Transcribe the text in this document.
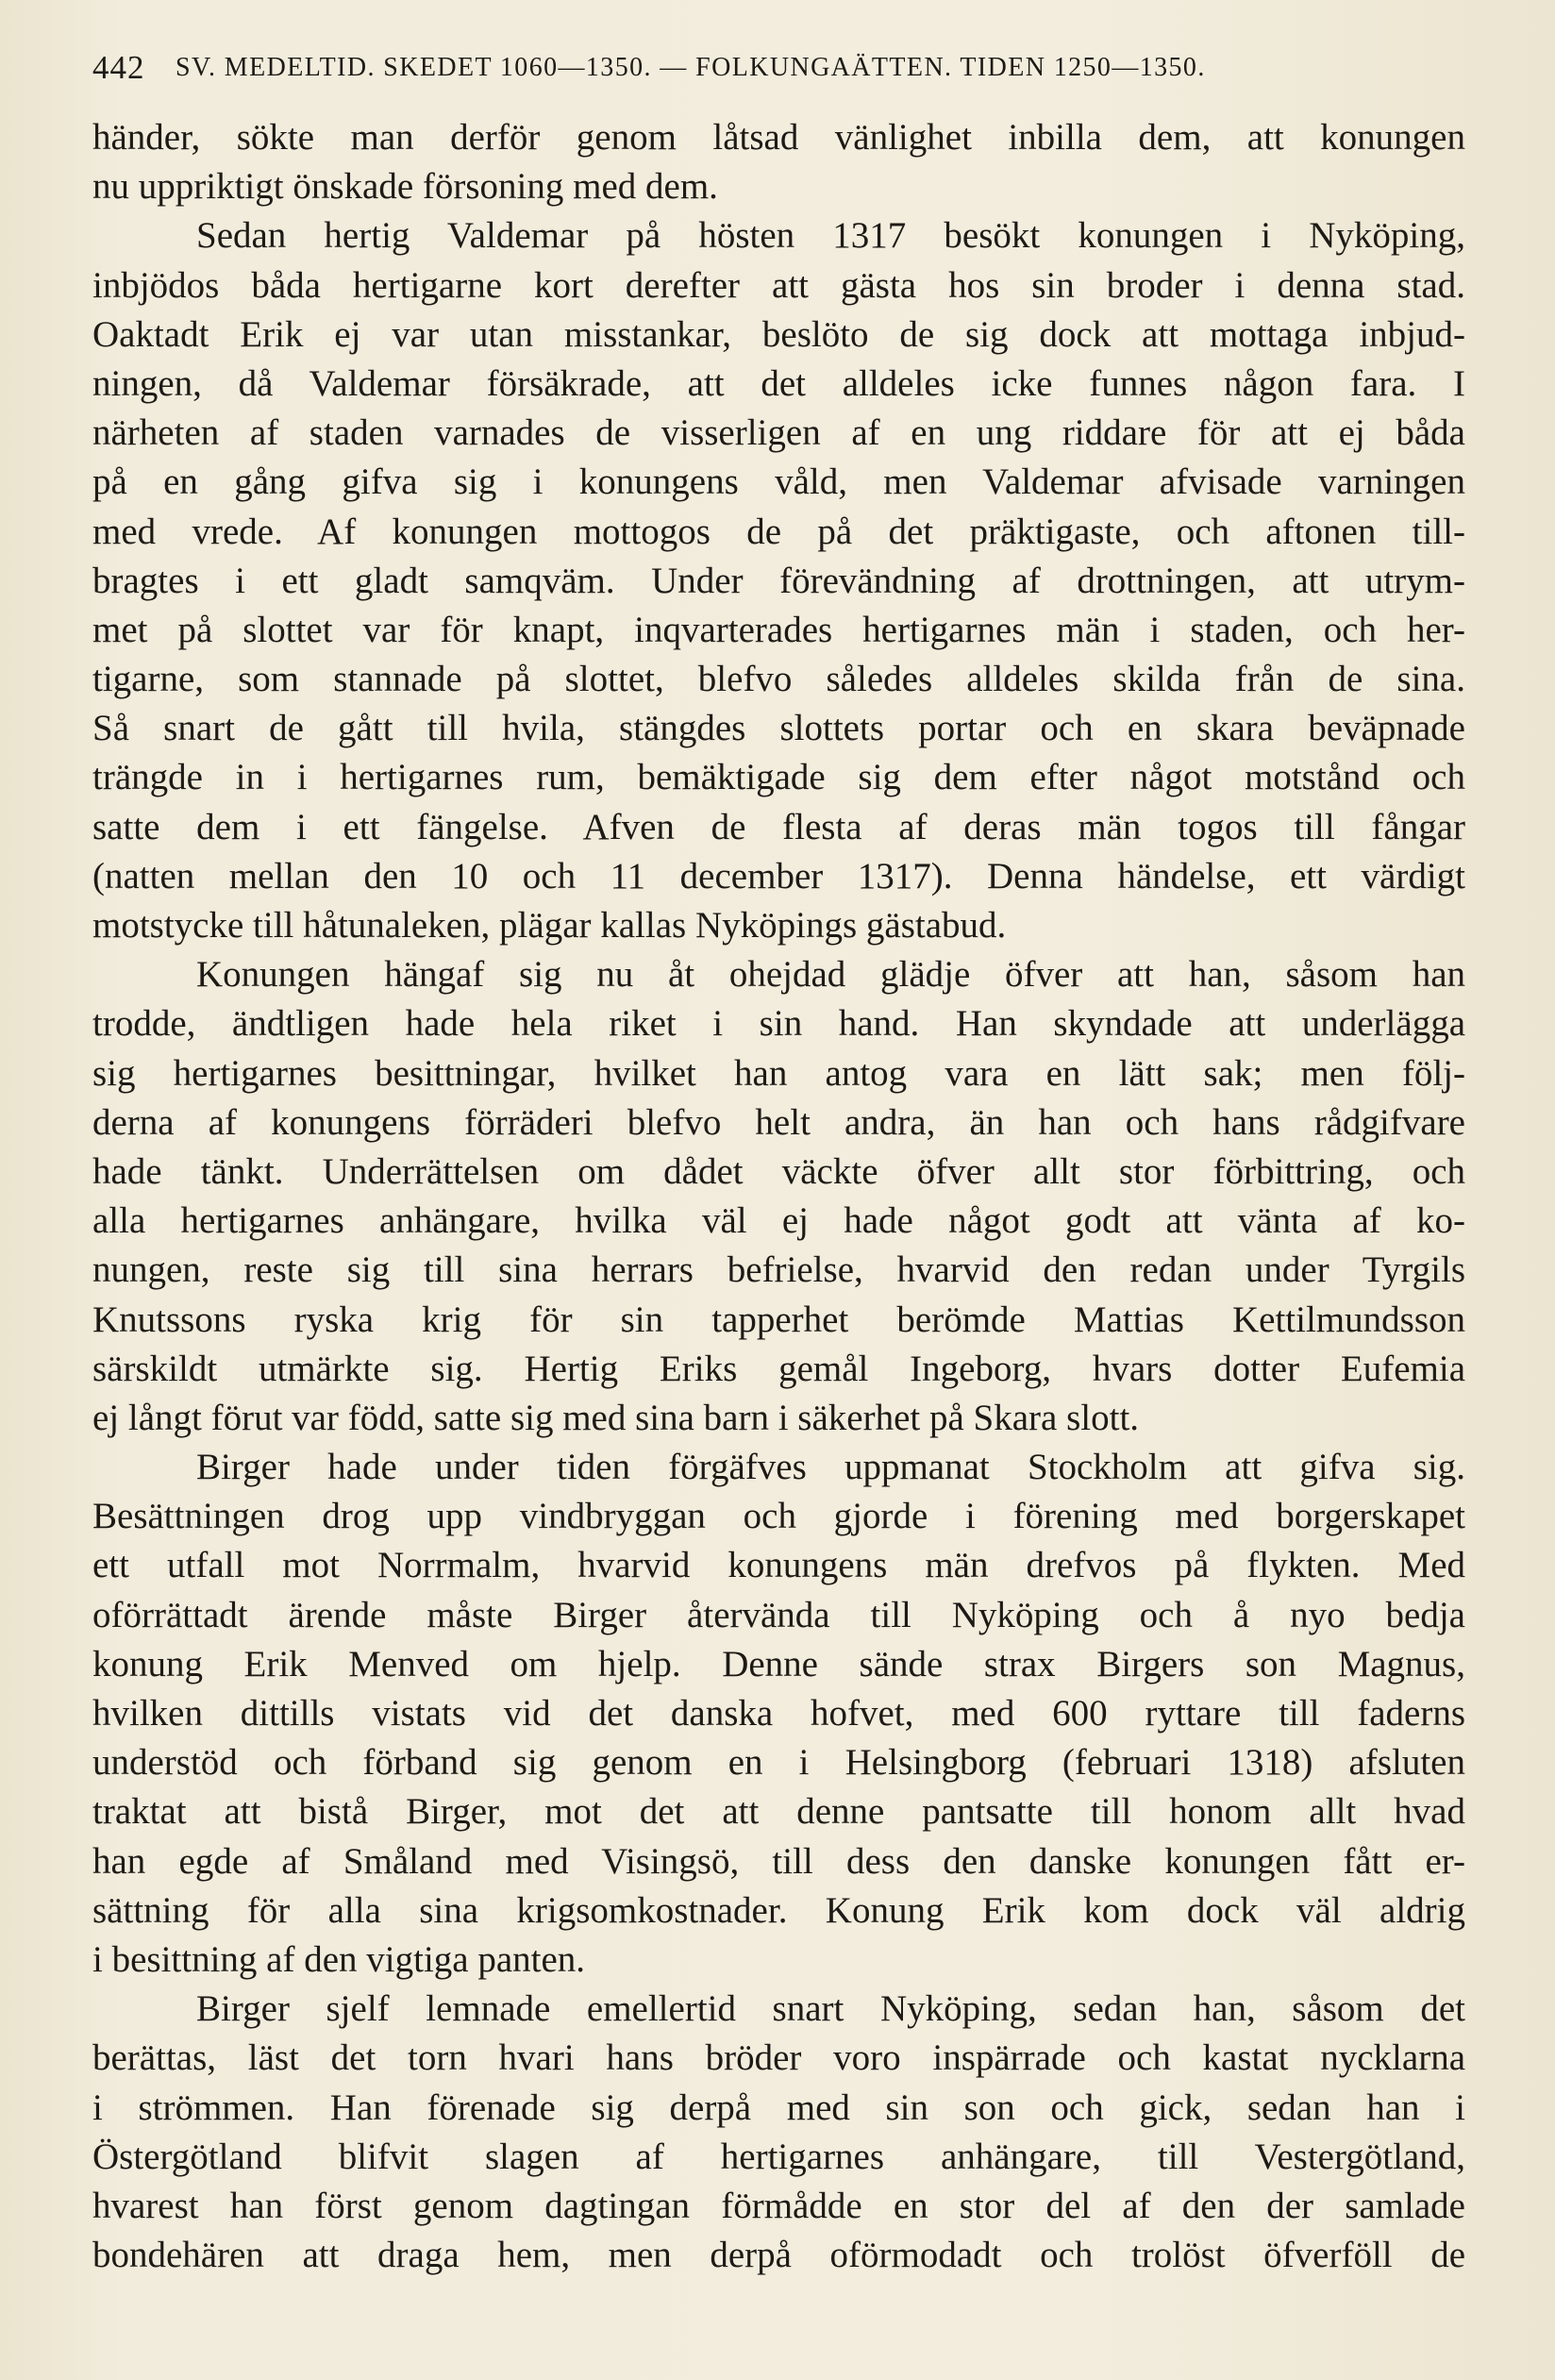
442 SV. MEDELTID. SKEDET 1060—1350. — FOLKUNGAÄTTEN. TIDEN 1250—1350.
händer, sökte man derför genom låtsad vänlighet inbilla dem, att konungen
nu uppriktigt önskade försoning med dem.
Sedan hertig Valdemar på hösten 1317 besökt konungen i Nyköping,
inbjödos båda hertigarne kort derefter att gästa hos sin broder i denna stad.
Oaktadt Erik ej var utan misstankar, beslöto de sig dock att mottaga inbjud-
ningen, då Valdemar försäkrade, att det alldeles icke funnes någon fara. I
närheten af staden varnades de visserligen af en ung riddare för att ej båda
på en gång gifva sig i konungens våld, men Valdemar afvisade varningen
med vrede. Af konungen mottogos de på det präktigaste, och aftonen till-
bragtes i ett gladt samqväm. Under förevändning af drottningen, att utrym-
met på slottet var för knapt, inqvarterades hertigarnes män i staden, och her-
tigarne, som stannade på slottet, blefvo således alldeles skilda från de sina.
Så snart de gått till hvila, stängdes slottets portar och en skara beväpnade
trängde in i hertigarnes rum, bemäktigade sig dem efter något motstånd och
satte dem i ett fängelse. Afven de flesta af deras män togos till fångar
(natten mellan den 10 och 11 december 1317). Denna händelse, ett värdigt
motstycke till håtunaleken, plägar kallas Nyköpings gästabud.
Konungen hängaf sig nu åt ohejdad glädje öfver att han, såsom han
trodde, ändtligen hade hela riket i sin hand. Han skyndade att underlägga
sig hertigarnes besittningar, hvilket han antog vara en lätt sak; men följ-
derna af konungens förräderi blefvo helt andra, än han och hans rådgifvare
hade tänkt. Underrättelsen om dådet väckte öfver allt stor förbittring, och
alla hertigarnes anhängare, hvilka väl ej hade något godt att vänta af ko-
nungen, reste sig till sina herrars befrielse, hvarvid den redan under Tyrgils
Knutssons ryska krig för sin tapperhet berömde Mattias Kettilmundsson
särskildt utmärkte sig. Hertig Eriks gemål Ingeborg, hvars dotter Eufemia
ej långt förut var född, satte sig med sina barn i säkerhet på Skara slott.
Birger hade under tiden förgäfves uppmanat Stockholm att gifva sig.
Besättningen drog upp vindbryggan och gjorde i förening med borgerskapet
ett utfall mot Norrmalm, hvarvid konungens män drefvos på flykten. Med
oförrättadt ärende måste Birger återvända till Nyköping och å nyo bedja
konung Erik Menved om hjelp. Denne sände strax Birgers son Magnus,
hvilken dittills vistats vid det danska hofvet, med 600 ryttare till faderns
understöd och förband sig genom en i Helsingborg (februari 1318) afsluten
traktat att bistå Birger, mot det att denne pantsatte till honom allt hvad
han egde af Småland med Visingsö, till dess den danske konungen fått er-
sättning för alla sina krigsomkostnader. Konung Erik kom dock väl aldrig
i besittning af den vigtiga panten.
Birger sjelf lemnade emellertid snart Nyköping, sedan han, såsom det
berättas, läst det torn hvari hans bröder voro inspärrade och kastat nycklarna
i strömmen. Han förenade sig derpå med sin son och gick, sedan han i
Östergötland blifvit slagen af hertigarnes anhängare, till Vestergötland,
hvarest han först genom dagtingan förmådde en stor del af den der samlade
bondehären att draga hem, men derpå oförmodadt och trolöst öfverföll de
